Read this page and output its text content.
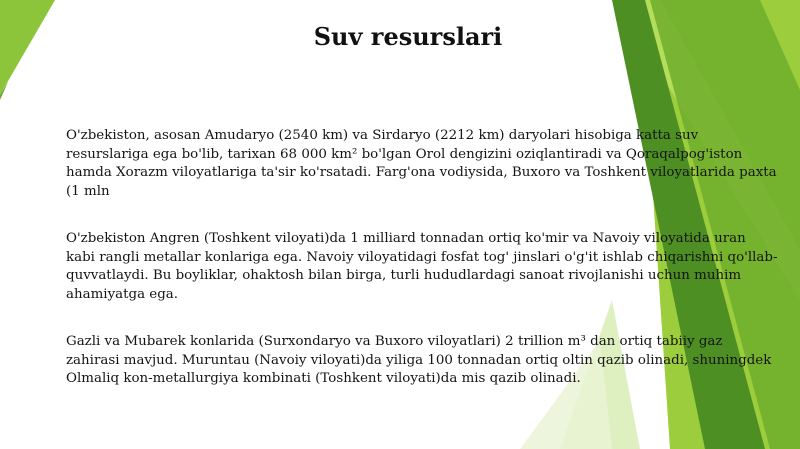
Suv resurslari

O'zbekiston, asosan Amudaryo (2540 km) va Sirdaryo (2212 km) daryolari hisobiga katta suv resurslariga ega bo'lib, tarixan 68 000 km² bo'lgan Orol dengizini oziqlantiradi va Qoraqalpog'iston hamda Xorazm viloyatlariga ta'sir ko'rsatadi. Farg'ona vodiysida, Buxoro va Toshkent viloyatlarida paxta (1 mln

O'zbekiston Angren (Toshkent viloyati)da 1 milliard tonnadan ortiq ko'mir va Navoiy viloyatida uran kabi rangli metallar konlariga ega. Navoiy viloyatidagi fosfat tog' jinslari o'g'it ishlab chiqarishni qo'llab-quvvatlaydi. Bu boyliklar, ohaktosh bilan birga, turli hududlardagi sanoat rivojlanishi uchun muhim ahamiyatga ega.

Gazli va Mubarek konlarida (Surxondaryo va Buxoro viloyatlari) 2 trillion m³ dan ortiq tabiiy gaz zahirasi mavjud. Muruntau (Navoiy viloyati)da yiliga 100 tonnadan ortiq oltin qazib olinadi, shuningdek Olmaliq kon-metallurgiya kombinati (Toshkent viloyati)da mis qazib olinadi.
